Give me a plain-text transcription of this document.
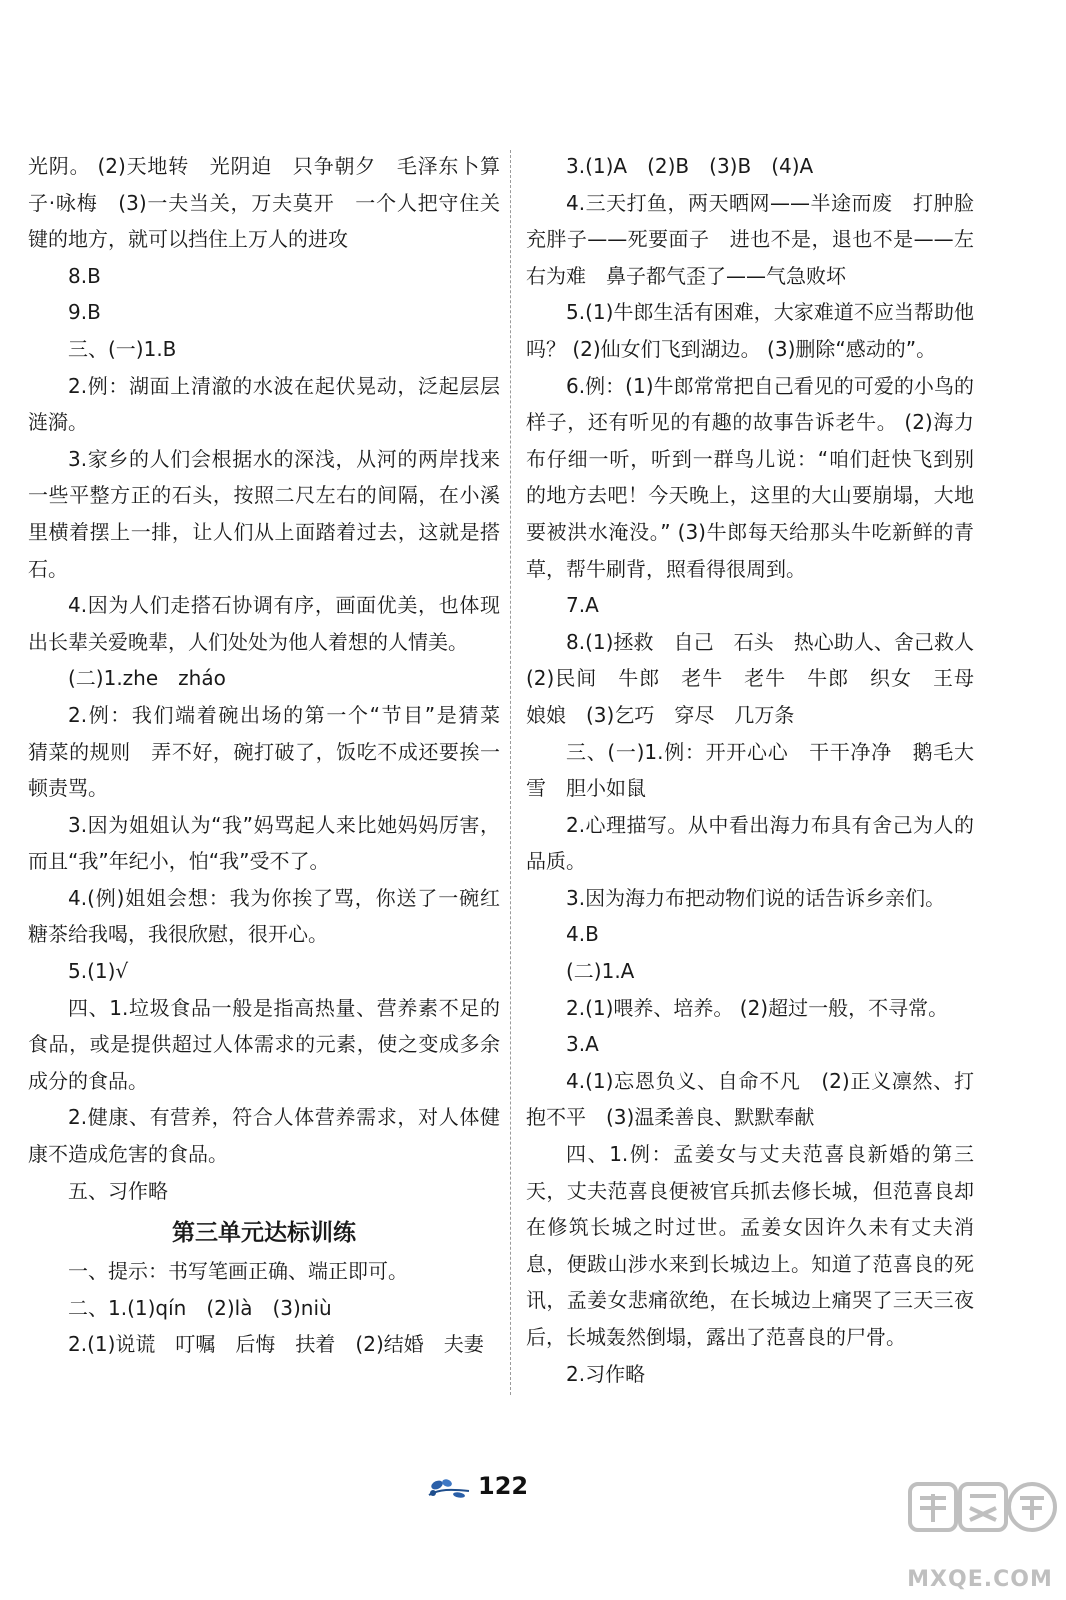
光阴。 (2)天地转　光阴迫　只争朝夕　毛泽东卜算子·咏梅　(3)一夫当关，万夫莫开　一个人把守住关键的地方，就可以挡住上万人的进攻

8.B

9.B

三、(一)1.B

2.例：湖面上清澈的水波在起伏晃动，泛起层层涟漪。

3.家乡的人们会根据水的深浅，从河的两岸找来一些平整方正的石头，按照二尺左右的间隔，在小溪里横着摆上一排，让人们从上面踏着过去，这就是搭石。

4.因为人们走搭石协调有序，画面优美，也体现出长辈关爱晚辈，人们处处为他人着想的人情美。

(二)1.zhe　zháo

2.例：我们端着碗出场的第一个“节目”是猜菜　猜菜的规则　弄不好，碗打破了，饭吃不成还要挨一顿责骂。

3.因为姐姐认为“我”妈骂起人来比她妈妈厉害，而且“我”年纪小，怕“我”受不了。

4.(例)姐姐会想：我为你挨了骂，你送了一碗红糖茶给我喝，我很欣慰，很开心。

5.(1)√

四、1.垃圾食品一般是指高热量、营养素不足的食品，或是提供超过人体需求的元素，使之变成多余成分的食品。

2.健康、有营养，符合人体营养需求，对人体健康不造成危害的食品。

五、习作略

第三单元达标训练

一、提示：书写笔画正确、端正即可。

二、1.(1)qín　(2)là　(3)niù

2.(1)说谎　叮嘱　后悔　扶着　(2)结婚　夫妻

3.(1)A　(2)B　(3)B　(4)A

4.三天打鱼，两天晒网——半途而废　打肿脸充胖子——死要面子　进也不是，退也不是——左右为难　鼻子都气歪了——气急败坏

5.(1)牛郎生活有困难，大家难道不应当帮助他吗？ (2)仙女们飞到湖边。 (3)删除“感动的”。

6.例：(1)牛郎常常把自己看见的可爱的小鸟的样子，还有听见的有趣的故事告诉老牛。 (2)海力布仔细一听，听到一群鸟儿说：“咱们赶快飞到别的地方去吧！今天晚上，这里的大山要崩塌，大地要被洪水淹没。” (3)牛郎每天给那头牛吃新鲜的青草，帮牛刷背，照看得很周到。

7.A

8.(1)拯救　自己　石头　热心助人、舍己救人　(2)民间　牛郎　老牛　老牛　牛郎　织女　王母娘娘　(3)乞巧　穿尽　几万条

三、(一)1.例：开开心心　干干净净　鹅毛大雪　胆小如鼠

2.心理描写。从中看出海力布具有舍己为人的品质。

3.因为海力布把动物们说的话告诉乡亲们。

4.B

(二)1.A

2.(1)喂养、培养。 (2)超过一般，不寻常。

3.A

4.(1)忘恩负义、自命不凡　(2)正义凛然、打抱不平　(3)温柔善良、默默奉献

四、1.例：孟姜女与丈夫范喜良新婚的第三天，丈夫范喜良便被官兵抓去修长城，但范喜良却在修筑长城之时过世。孟姜女因许久未有丈夫消息，便跋山涉水来到长城边上。知道了范喜良的死讯，孟姜女悲痛欲绝，在长城边上痛哭了三天三夜后，长城轰然倒塌，露出了范喜良的尸骨。

2.习作略

122
MXQE.COM
